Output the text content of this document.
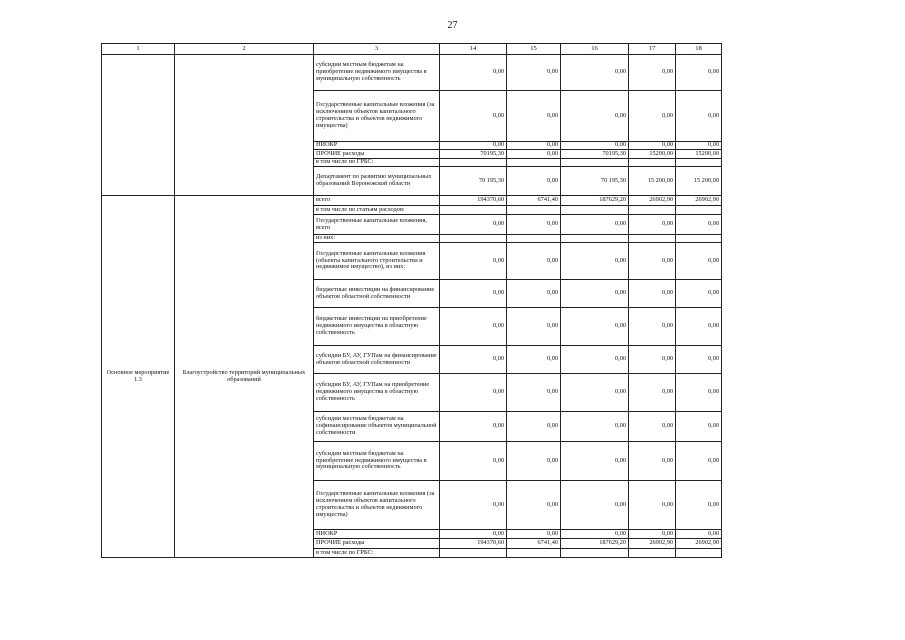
27
1	2	3	14	15	16	17	18
		субсидии местным бюджетам на приобретение недвижимого имущества в муниципальную собственность	0,00	0,00	0,00	0,00	0,00
		Государственные капитальные вложения (за исключением объектов капитального строительства и объектов недвижимого имущества)	0,00	0,00	0,00	0,00	0,00
		НИОКР	0,00	0,00	0,00	0,00	0,00
		ПРОЧИЕ расходы	70195,30	0,00	70195,30	15200,00	15200,00
		в том числе по ГРБС:					
		Департамент по развитию муниципальных образований Воронежской области	70 195,30	0,00	70 195,30	15 200,00	15 200,00
Основное мероприятие 1.3	Благоустройство территорий муниципальных образований	всего	194370,60	6741,40	187629,20	26902,90	26902,90
		в том числе по статьям расходов:					
		Государственные капитальные вложения, всего	0,00	0,00	0,00	0,00	0,00
		из них:					
		Государственные капитальные вложения (объекты капитального строительства и недвижимое имущество), из них:	0,00	0,00	0,00	0,00	0,00
		бюджетные инвестиции на финансирование объектов областной собственности	0,00	0,00	0,00	0,00	0,00
		бюджетные инвестиции на приобретение недвижимого имущества в областную собственность	0,00	0,00	0,00	0,00	0,00
		субсидии БУ, АУ, ГУПам на финансирование объектов областной собственности	0,00	0,00	0,00	0,00	0,00
		субсидии БУ, АУ, ГУПам на приобретение недвижимого имущества в областную собственность	0,00	0,00	0,00	0,00	0,00
		субсидии местным бюджетам на софинансирование объектов муниципальной собственности	0,00	0,00	0,00	0,00	0,00
		субсидии местным бюджетам на приобретение недвижимого имущества в муниципальную собственность	0,00	0,00	0,00	0,00	0,00
		Государственные капитальные вложения (за исключением объектов капитального строительства и объектов недвижимого имущества)	0,00	0,00	0,00	0,00	0,00
		НИОКР	0,00	0,00	0,00	0,00	0,00
		ПРОЧИЕ расходы	194370,60	6741,40	187629,20	26902,90	26902,90
		в том числе по ГРБС:					
